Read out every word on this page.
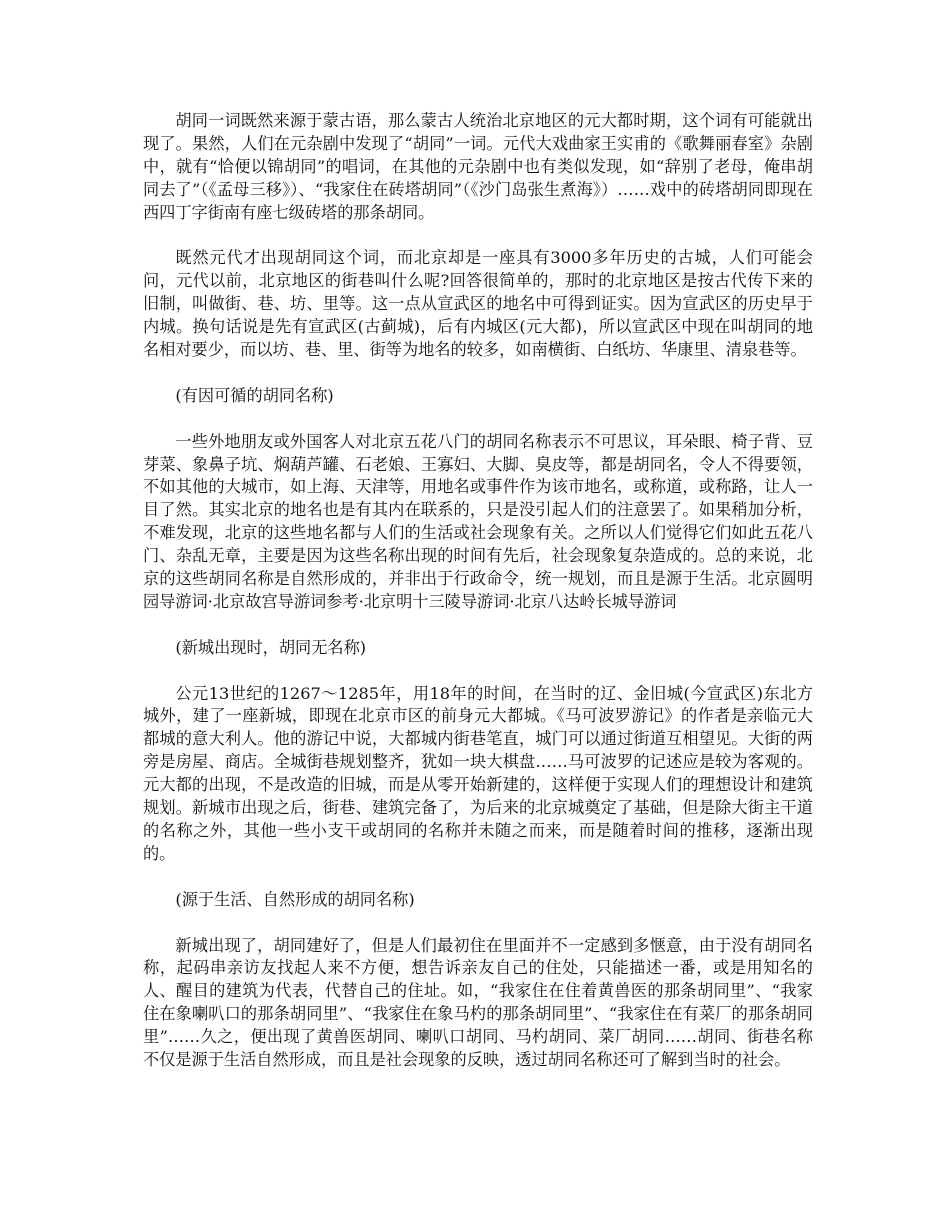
胡同一词既然来源于蒙古语，那么蒙古人统治北京地区的元大都时期，这个词有可能就出现了。果然，人们在元杂剧中发现了“胡同”一词。元代大戏曲家王实甫的《歌舞丽春室》杂剧中，就有“恰便以锦胡同”的唱词，在其他的元杂剧中也有类似发现，如“辞别了老母，俺串胡同去了”（《孟母三移》）、“我家住在砖塔胡同”（《沙门岛张生煮海》）……戏中的砖塔胡同即现在西四丁字街南有座七级砖塔的那条胡同。

既然元代才出现胡同这个词，而北京却是一座具有3000多年历史的古城，人们可能会问，元代以前，北京地区的街巷叫什么呢?回答很简单的，那时的北京地区是按古代传下来的旧制，叫做街、巷、坊、里等。这一点从宣武区的地名中可得到证实。因为宣武区的历史早于内城。换句话说是先有宣武区(古蓟城)，后有内城区(元大都)，所以宣武区中现在叫胡同的地名相对要少，而以坊、巷、里、街等为地名的较多，如南横街、白纸坊、华康里、清泉巷等。

(有因可循的胡同名称)

一些外地朋友或外国客人对北京五花八门的胡同名称表示不可思议，耳朵眼、椅子背、豆芽菜、象鼻子坑、焖葫芦罐、石老娘、王寡妇、大脚、臭皮等，都是胡同名，令人不得要领，不如其他的大城市，如上海、天津等，用地名或事件作为该市地名，或称道，或称路，让人一目了然。其实北京的地名也是有其内在联系的，只是没引起人们的注意罢了。如果稍加分析，不难发现，北京的这些地名都与人们的生活或社会现象有关。之所以人们觉得它们如此五花八门、杂乱无章，主要是因为这些名称出现的时间有先后，社会现象复杂造成的。总的来说，北京的这些胡同名称是自然形成的，并非出于行政命令，统一规划，而且是源于生活。北京圆明园导游词·北京故宫导游词参考·北京明十三陵导游词·北京八达岭长城导游词

(新城出现时，胡同无名称)

公元13世纪的1267～1285年，用18年的时间，在当时的辽、金旧城(今宣武区)东北方城外，建了一座新城，即现在北京市区的前身元大都城。《马可波罗游记》的作者是亲临元大都城的意大利人。他的游记中说，大都城内街巷笔直，城门可以通过街道互相望见。大街的两旁是房屋、商店。全城街巷规划整齐，犹如一块大棋盘……马可波罗的记述应是较为客观的。元大都的出现，不是改造的旧城，而是从零开始新建的，这样便于实现人们的理想设计和建筑规划。新城市出现之后，街巷、建筑完备了，为后来的北京城奠定了基础，但是除大街主干道的名称之外，其他一些小支干或胡同的名称并未随之而来，而是随着时间的推移，逐渐出现的。

(源于生活、自然形成的胡同名称)

新城出现了，胡同建好了，但是人们最初住在里面并不一定感到多惬意，由于没有胡同名称，起码串亲访友找起人来不方便，想告诉亲友自己的住处，只能描述一番，或是用知名的人、醒目的建筑为代表，代替自己的住址。如，“我家住在住着黄兽医的那条胡同里”、“我家住在象喇叭口的那条胡同里”、“我家住在象马杓的那条胡同里”、“我家住在有菜厂的那条胡同里”……久之，便出现了黄兽医胡同、喇叭口胡同、马杓胡同、菜厂胡同……胡同、街巷名称不仅是源于生活自然形成，而且是社会现象的反映，透过胡同名称还可了解到当时的社会。
